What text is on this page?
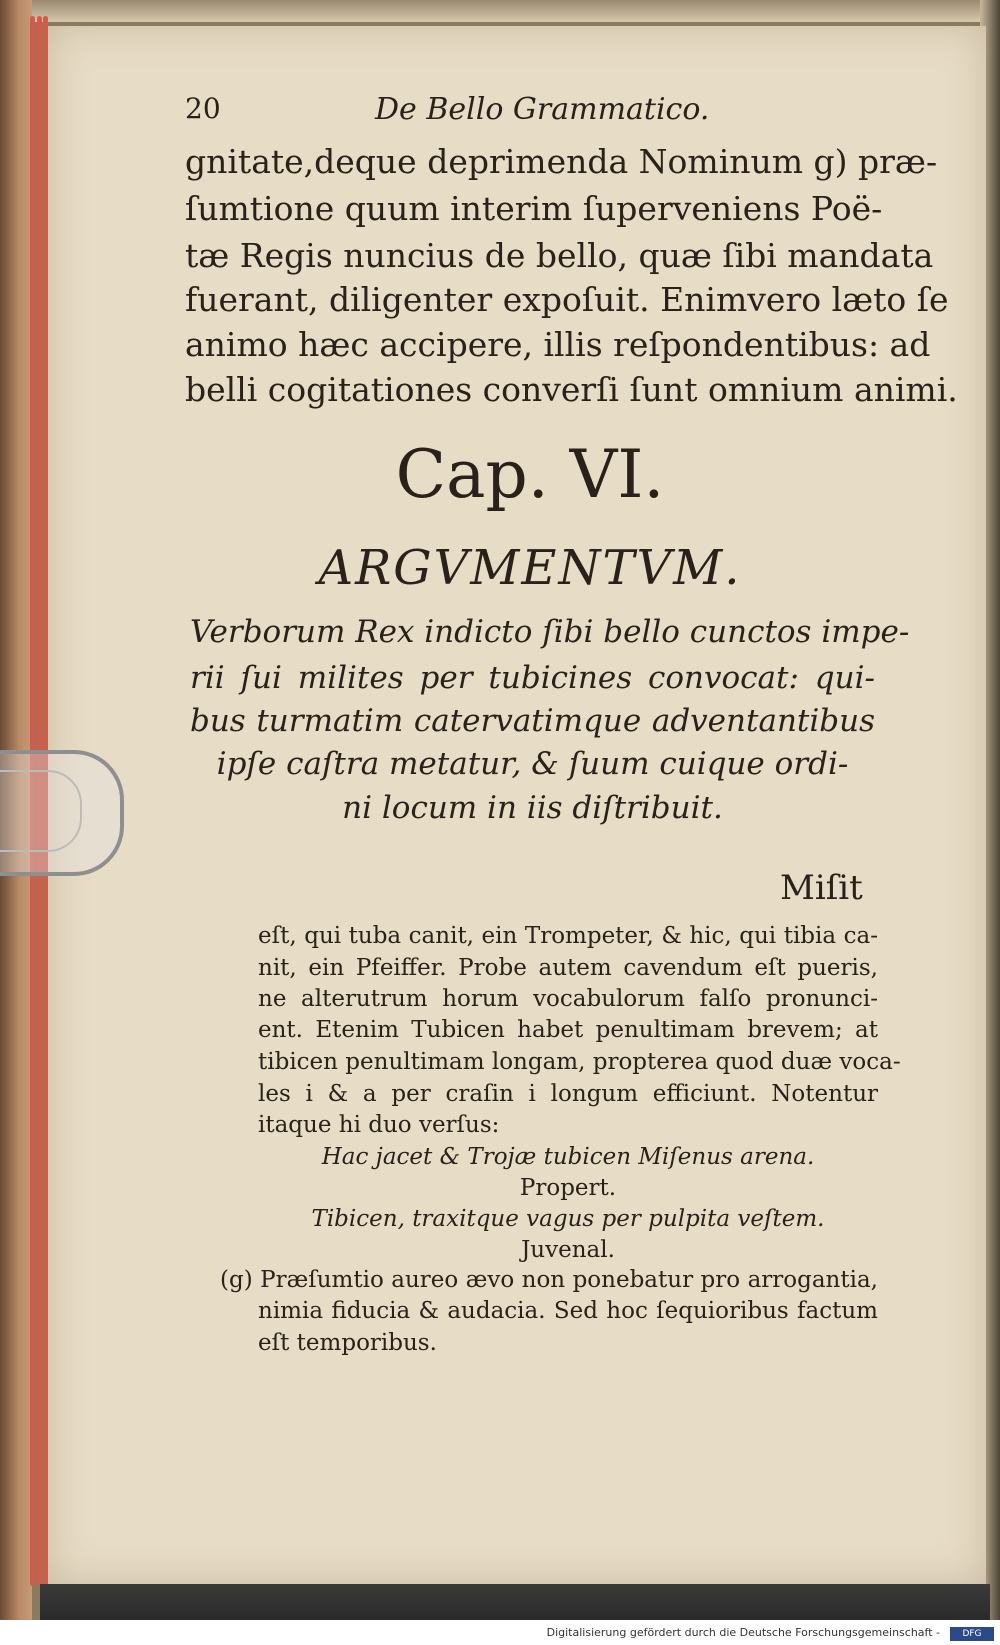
20	De Bello Grammatico.
gnitate,deque deprimenda Nominum g) præ-
ſumtione quum interim ſuperveniens Poë-
tæ Regis nuncius de bello, quæ ſibi mandata
fuerant, diligenter expoſuit. Enimvero læto ſe
animo hæc accipere, illis reſpondentibus: ad
belli cogitationes converſi ſunt omnium animi.
Cap. VI.
ARGVMENTVM.
Verborum Rex indicto ſibi bello cunctos impe-
rii ſui milites per tubicines convocat: qui-
bus turmatim catervatimque adventantibus
ipſe caſtra metatur, & ſuum cuique ordi-
ni locum in iis diſtribuit.
Miſit
eſt, qui tuba canit, ein Trompeter, & hic, qui tibia ca-
nit, ein Pfeiffer. Probe autem cavendum eſt pueris,
ne alterutrum horum vocabulorum falſo pronunci-
ent. Etenim Tubicen habet penultimam brevem; at
tibicen penultimam longam, propterea quod duæ voca-
les i & a per craſin i longum efficiunt. Notentur
itaque hi duo verſus:
Hac jacet & Trojæ tubicen Miſenus arena.
Propert.
Tibicen, traxitque vagus per pulpita veſtem.
Juvenal.
(g) Præſumtio aureo ævo non ponebatur pro arrogantia,
nimia fiducia & audacia. Sed hoc ſequioribus factum
eſt temporibus.
Digitalisierung gefördert durch die Deutsche Forschungsgemeinschaft -	DFG
